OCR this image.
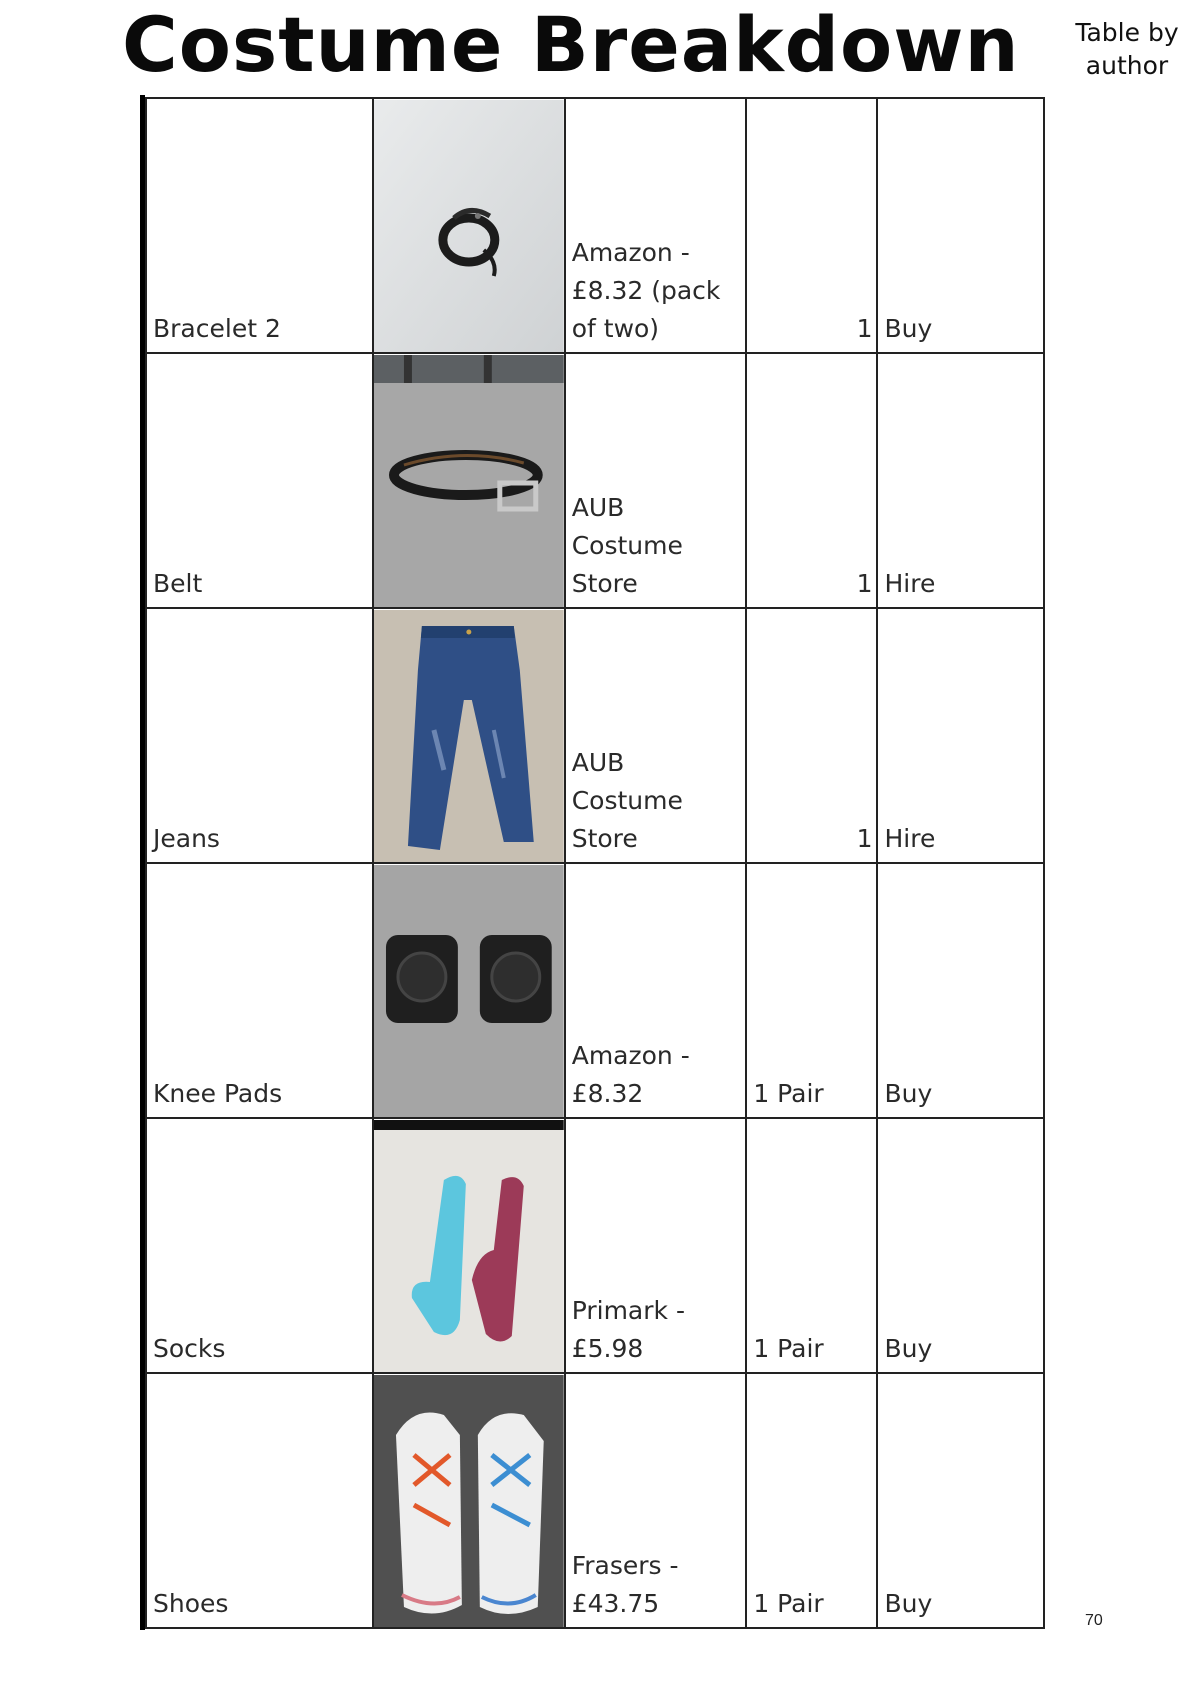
Costume Breakdown Table by
author
Bracelet 2		Amazon - £8.32 (pack of two)	1	Buy
Belt		AUB Costume Store	1	Hire
Jeans		AUB Costume Store	1	Hire
Knee Pads		Amazon - £8.32	1 Pair	Buy
Socks		Primark - £5.98	1 Pair	Buy
Shoes		Frasers - £43.75	1 Pair	Buy
70
